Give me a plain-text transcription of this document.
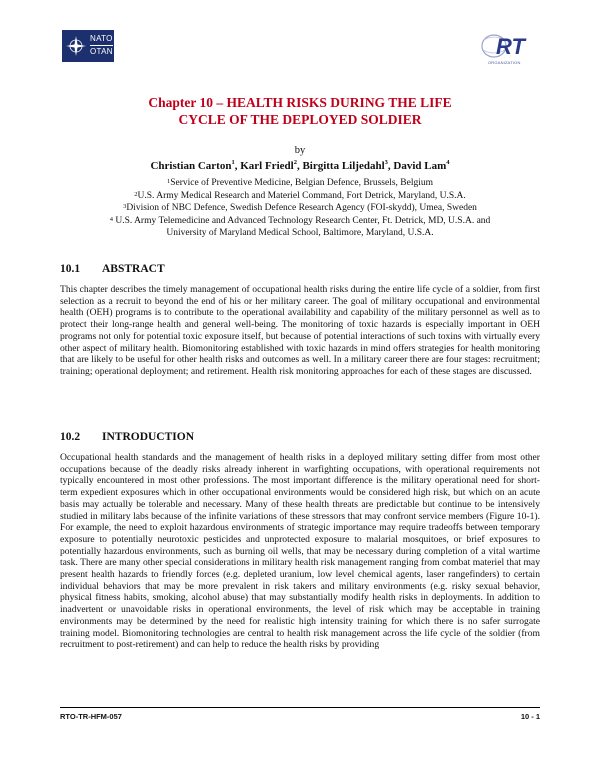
NATO
OTAN	RT
ORGANIZATION
Chapter 10 – HEALTH RISKS DURING THE LIFE
CYCLE OF THE DEPLOYED SOLDIER
by
Christian Carton$^1$, Karl Friedl$^2$, Birgitta Liljedahl$^3$, David Lam$^4$
$^1$Service of Preventive Medicine, Belgian Defence, Brussels, Belgium
$^2$U.S. Army Medical Research and Materiel Command, Fort Detrick, Maryland, U.S.A.
$^3$Division of NBC Defence, Swedish Defence Research Agency (FOI-skydd), Umea, Sweden
$^4$ U.S. Army Telemedicine and Advanced Technology Research Center, Ft. Detrick, MD, U.S.A. and
University of Maryland Medical School, Baltimore, Maryland, U.S.A.
10.1 ABSTRACT
This chapter describes the timely management of occupational health risks during the entire life cycle of a soldier, from first selection as a recruit to beyond the end of his or her military career. The goal of military occupational and environmental health (OEH) programs is to contribute to the operational availability and capability of the military personnel as well as to protect their long-range health and general well-being. The monitoring of toxic hazards is especially important in OEH programs not only for potential toxic exposure itself, but because of potential interactions of such toxins with virtually every other aspect of military health. Biomonitoring established with toxic hazards in mind offers strategies for health monitoring that are likely to be useful for other health risks and outcomes as well. In a military career there are four stages: recruitment; training; operational deployment; and retirement. Health risk monitoring approaches for each of these stages are discussed.
10.2 INTRODUCTION
Occupational health standards and the management of health risks in a deployed military setting differ from most other occupations because of the deadly risks already inherent in warfighting occupations, with operational requirements not typically encountered in most other professions. The most important difference is the military operational need for short-term expedient exposures which in other occupational environments would be considered high risk, but which on an acute basis may actually be tolerable and necessary. Many of these health threats are predictable but continue to be intensively studied in military labs because of the infinite variations of these stressors that may confront service members (Figure 10-1). For example, the need to exploit hazardous environments of strategic importance may require tradeoffs between temporary exposure to potentially neurotoxic pesticides and unprotected exposure to malarial mosquitoes, or brief exposures to potentially hazardous environments, such as burning oil wells, that may be necessary during completion of a vital wartime task. There are many other special considerations in military health risk management ranging from combat materiel that may present health hazards to friendly forces (e.g. depleted uranium, low level chemical agents, laser rangefinders) to certain individual behaviors that may be more prevalent in risk takers and military environments (e.g. risky sexual behavior, physical fitness habits, smoking, alcohol abuse) that may substantially modify health risks in deployments. In addition to inadvertent or unavoidable risks in operational environments, the level of risk which may be acceptable in training environments may be determined by the need for realistic high intensity training for which there is no safer surrogate training model. Biomonitoring technologies are central to health risk management across the life cycle of the soldier (from recruitment to post-retirement) and can help to reduce the health risks by providing
RTO-TR-HFM-057	10 - 1
